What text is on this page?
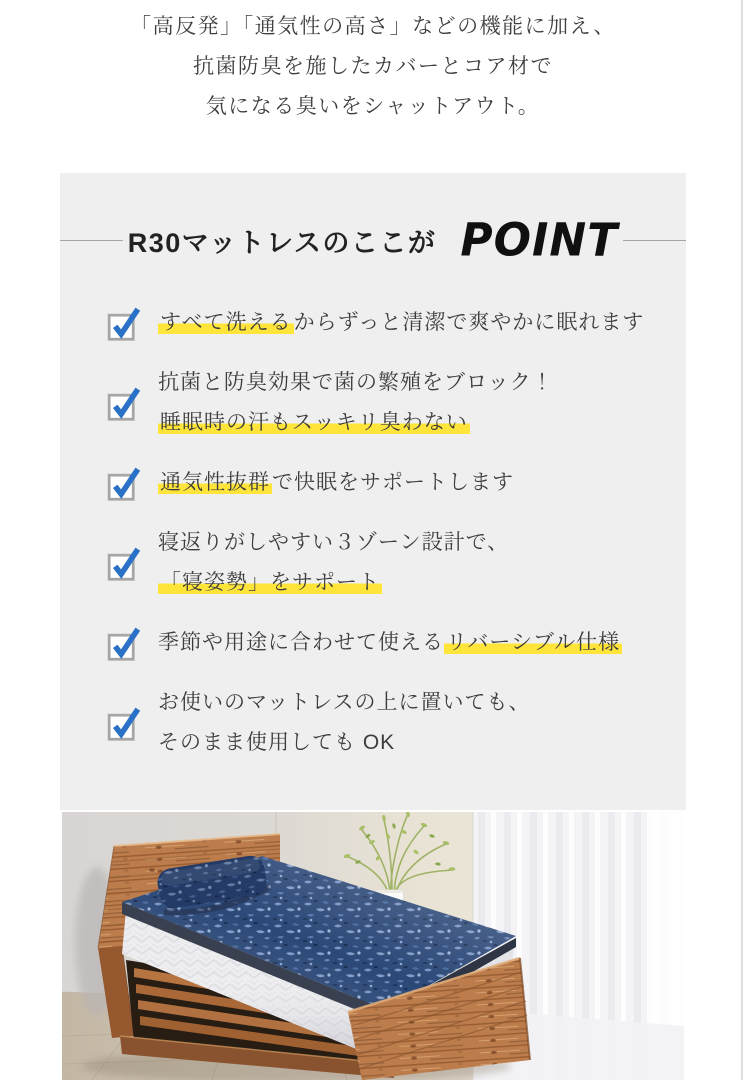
「高反発」「通気性の高さ」などの機能に加え、

抗菌防臭を施したカバーとコア材で

気になる臭いをシャットアウト。

R30マットレスのここが POINT

すべて洗えるからずっと清潔で爽やかに眠れます

抗菌と防臭効果で菌の繁殖をブロック！

睡眠時の汗もスッキリ臭わない

通気性抜群で快眠をサポートします

寝返りがしやすい３ゾーン設計で、

「寝姿勢」をサポート

季節や用途に合わせて使えるリバーシブル仕様

お使いのマットレスの上に置いても、

そのまま使用しても OK
